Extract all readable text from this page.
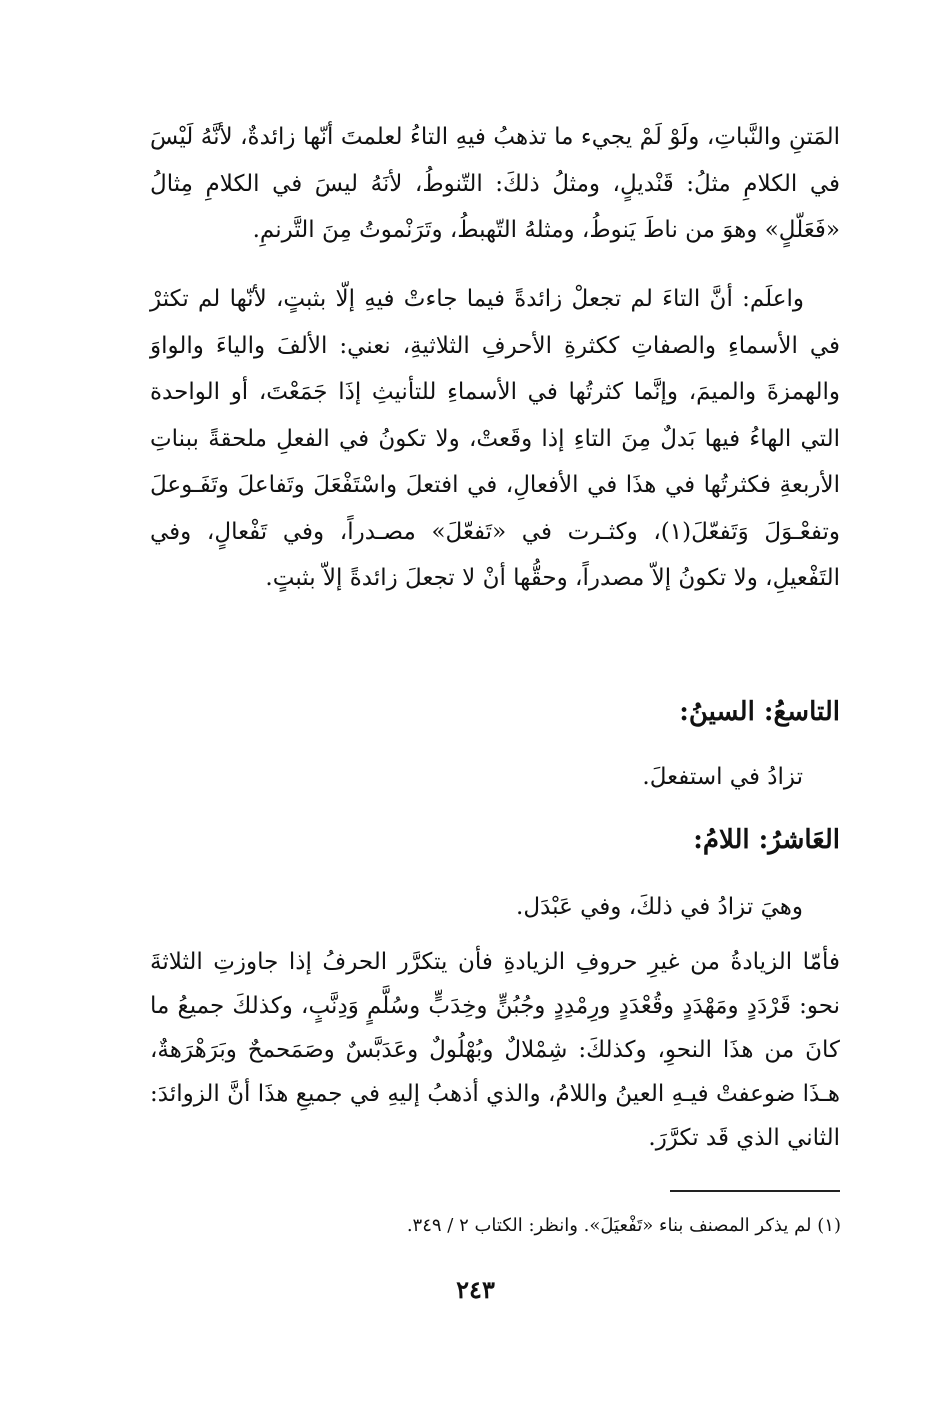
المَتنِ والنَّباتِ، ولَوْ لَمْ يجيء ما تذهبُ فيهِ التاءُ لعلمتَ أنّها زائدةٌ، لأنَّهُ لَيْسَ في الكلامِ مثلُ: قَنْديلٍ، ومثلُ ذلكَ: التّنوطُ، لأنَهُ ليسَ في الكلامِ مِثالُ «فَعَلّلٍ» وهوَ من ناطَ يَنوطُ، ومثلهُ التّهبطُ، وتَرَنْموتُ مِنَ التَّرنمِ.
واعلَم: أنَّ التاءَ لم تجعلْ زائدةً فيما جاءتْ فيهِ إلّا بثبتٍ، لأنّها لم تكثرْ في الأسماءِ والصفاتِ ككثرةِ الأحرفِ الثلاثيةِ، نعني: الألفَ والياءَ والواوَ والهمزةَ والميمَ، وإنَّما كثرتُها في الأسماءِ للتأنيثِ إذَا جَمَعْتَ، أو الواحدة التي الهاءُ فيها بَدلٌ مِنَ التاءِ إذا وقَعتْ، ولا تكونُ في الفعلِ ملحقةً ببناتِ الأربعةِ فكثرتُها في هذَا في الأفعالِ، في افتعلَ واسْتَفْعَلَ وتَفاعلَ وتَفَـوعلَ وتفعْـوَلَ وَتَفعّلَ(١)، وكثـرت في «تَفعّلَ» مصـدراً، وفي تَفْعالٍ، وفي التَفْعيلِ، ولا تكونُ إلاّ مصدراً، وحقُّها أنْ لا تجعلَ زائدةً إلاّ بثبتٍ.
التاسعُ: السينُ:
تزادُ في استفعلَ.
العَاشرُ: اللامُ:
وهيَ تزادُ في ذلكَ، وفي عَبْدَل.
فأمّا الزيادةُ من غيرِ حروفِ الزيادةِ فأن يتكرَّر الحرفُ إذا جاوزتِ الثلاثةَ نحو: قَرْدَدٍ ومَهْدَدٍ وقُعْدَدٍ ورِمْدِدٍ وجُبُنٍّ وخِدَبٍّ وسُلَّمٍ وَدِنَّبٍ، وكذلكَ جميعُ ما كانَ من هذَا النحوِ، وكذلكَ: شِمْلالٌ وبُهْلُولٌ وعَدَبَّسٌ وصَمَحمحٌ وبَرَهْرَهةٌ، هـذَا ضوعفتْ فيـهِ العينُ واللامُ، والذي أذهبُ إليهِ في جميعِ هذَا أنَّ الزوائدَ: الثاني الذي قَد تكرَّرَ.
(١) لم يذكر المصنف بناء «تَفْعيَلَ». وانظر: الكتاب ٢ / ٣٤٩.
٢٤٣
